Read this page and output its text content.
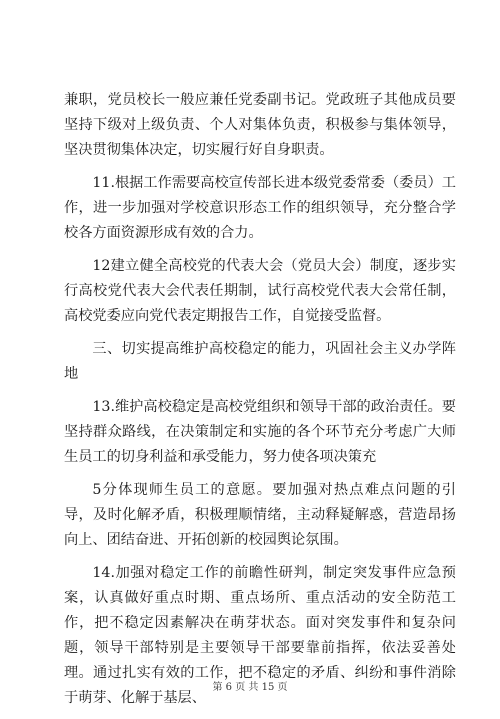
兼职，党员校长一般应兼任党委副书记。党政班子其他成员要坚持下级对上级负责、个人对集体负责，积极参与集体领导，坚决贯彻集体决定，切实履行好自身职责。

11.根据工作需要高校宣传部长进本级党委常委（委员）工作，进一步加强对学校意识形态工作的组织领导，充分整合学校各方面资源形成有效的合力。

12建立健全高校党的代表大会（党员大会）制度，逐步实行高校党代表大会代表任期制，试行高校党代表大会常任制，高校党委应向党代表定期报告工作，自觉接受监督。

三、切实提高维护高校稳定的能力，巩固社会主义办学阵地

13.维护高校稳定是高校党组织和领导干部的政治责任。要坚持群众路线，在决策制定和实施的各个环节充分考虑广大师生员工的切身利益和承受能力，努力使各项决策充

5分体现师生员工的意愿。要加强对热点难点问题的引导，及时化解矛盾，积极理顺情绪，主动释疑解惑，营造昂扬向上、团结奋进、开拓创新的校园舆论氛围。

14.加强对稳定工作的前瞻性研判，制定突发事件应急预案，认真做好重点时期、重点场所、重点活动的安全防范工作，把不稳定因素解决在萌芽状态。面对突发事件和复杂问题，领导干部特别是主要领导干部要靠前指挥，依法妥善处理。通过扎实有效的工作，把不稳定的矛盾、纠纷和事件消除于萌芽、化解于基层、

第 6 页 共 15 页
